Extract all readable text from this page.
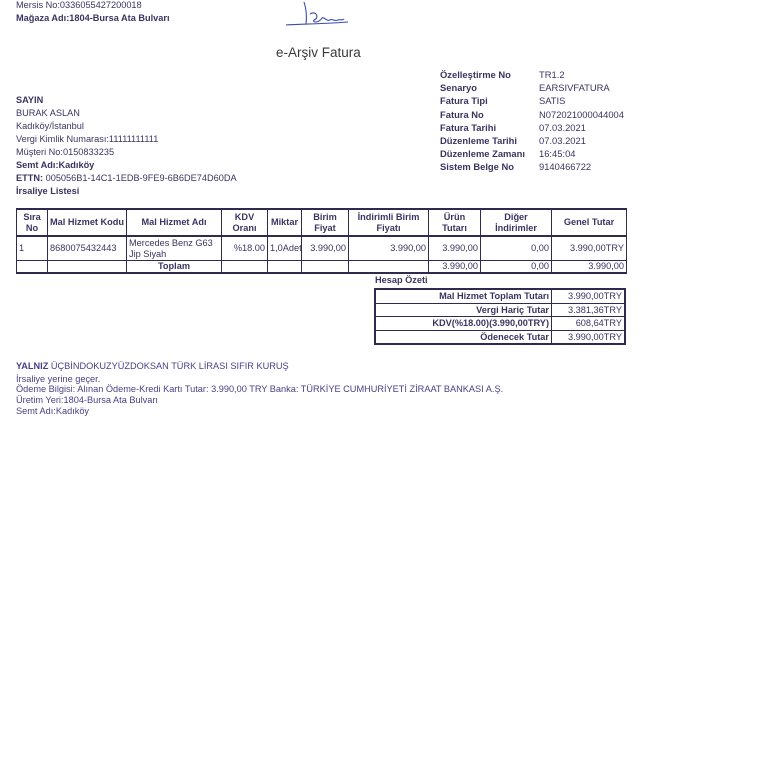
Mersis No:0336055427200018
Mağaza Adı:1804-Bursa Ata Bulvarı
e-Arşiv Fatura
SAYIN
BURAK ASLAN
Kadıköy/İstanbul
Vergi Kimlik Numarası:11111111111
Müşteri No:0150833235
Semt Adı:Kadıköy
ETTN: 005056B1-14C1-1EDB-9FE9-6B6DE74D60DA
İrsaliye Listesi
Özelleştirme No	TR1.2
Senaryo	EARSIVFATURA
Fatura Tipi	SATIS
Fatura No	N072021000044004
Fatura Tarihi	07.03.2021
Düzenleme Tarihi	07.03.2021
Düzenleme Zamanı	16:45:04
Sistem Belge No	9140466722
Sıra No	Mal Hizmet Kodu	Mal Hizmet Adı	KDV Oranı	Miktar	Birim Fiyat	İndirimli Birim Fiyatı	Ürün Tutarı	Diğer İndirimler	Genel Tutar
1	8680075432443	Mercedes Benz G63 Jip Siyah	%18.00	1,0Adet	3.990,00	3.990,00	3.990,00	0,00	3.990,00TRY
		Toplam					3.990,00	0,00	3.990,00
Hesap Özeti
Mal Hizmet Toplam Tutarı	3.990,00TRY
Vergi Hariç Tutar	3.381,36TRY
KDV(%18.00)(3.990,00TRY)	608,64TRY
Ödenecek Tutar	3.990,00TRY
YALNIZ ÜÇBİNDOKUZYÜZDOKSAN TÜRK LİRASI SIFIR KURUŞ
İrsaliye yerine geçer.
Ödeme Bilgisi: Alınan Ödeme-Kredi Kartı Tutar: 3.990,00 TRY Banka: TÜRKİYE CUMHURİYETİ ZİRAAT BANKASI A.Ş.
Üretim Yeri:1804-Bursa Ata Bulvarı
Semt Adı:Kadıköy
